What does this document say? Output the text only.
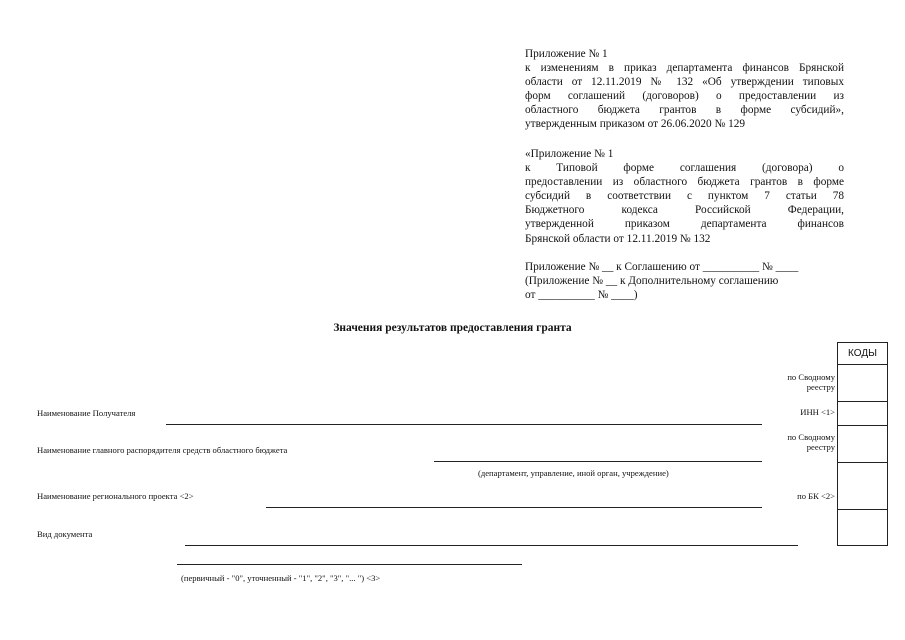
Приложение № 1
к изменениям в приказ департамента финансов Брянской
области от 12.11.2019 № 132 «Об утверждении типовых
форм соглашений (договоров) о предоставлении из
областного бюджета грантов в форме субсидий»,
утвержденным приказом от 26.06.2020 № 129
«Приложение № 1
к Типовой форме соглашения (договора) о
предоставлении из областного бюджета грантов в форме
субсидий в соответствии с пунктом 7 статьи 78
Бюджетного кодекса Российской Федерации,
утвержденной приказом департамента финансов
Брянской области от 12.11.2019 № 132
Приложение № __ к Соглашению от __________ № ____
(Приложение № __ к Дополнительному соглашению
от __________ № ____)
Значения результатов предоставления гранта
КОДЫ
по Сводному
реестру
ИНН <1>
по Сводному
реестру
по БК <2>
Наименование Получателя
Наименование главного распорядителя средств областного бюджета
Наименование регионального проекта <2>
Вид документа
(департамент, управление, иной орган, учреждение)
(первичный - "0", уточненный - "1", "2", "3", "... ") <3>
